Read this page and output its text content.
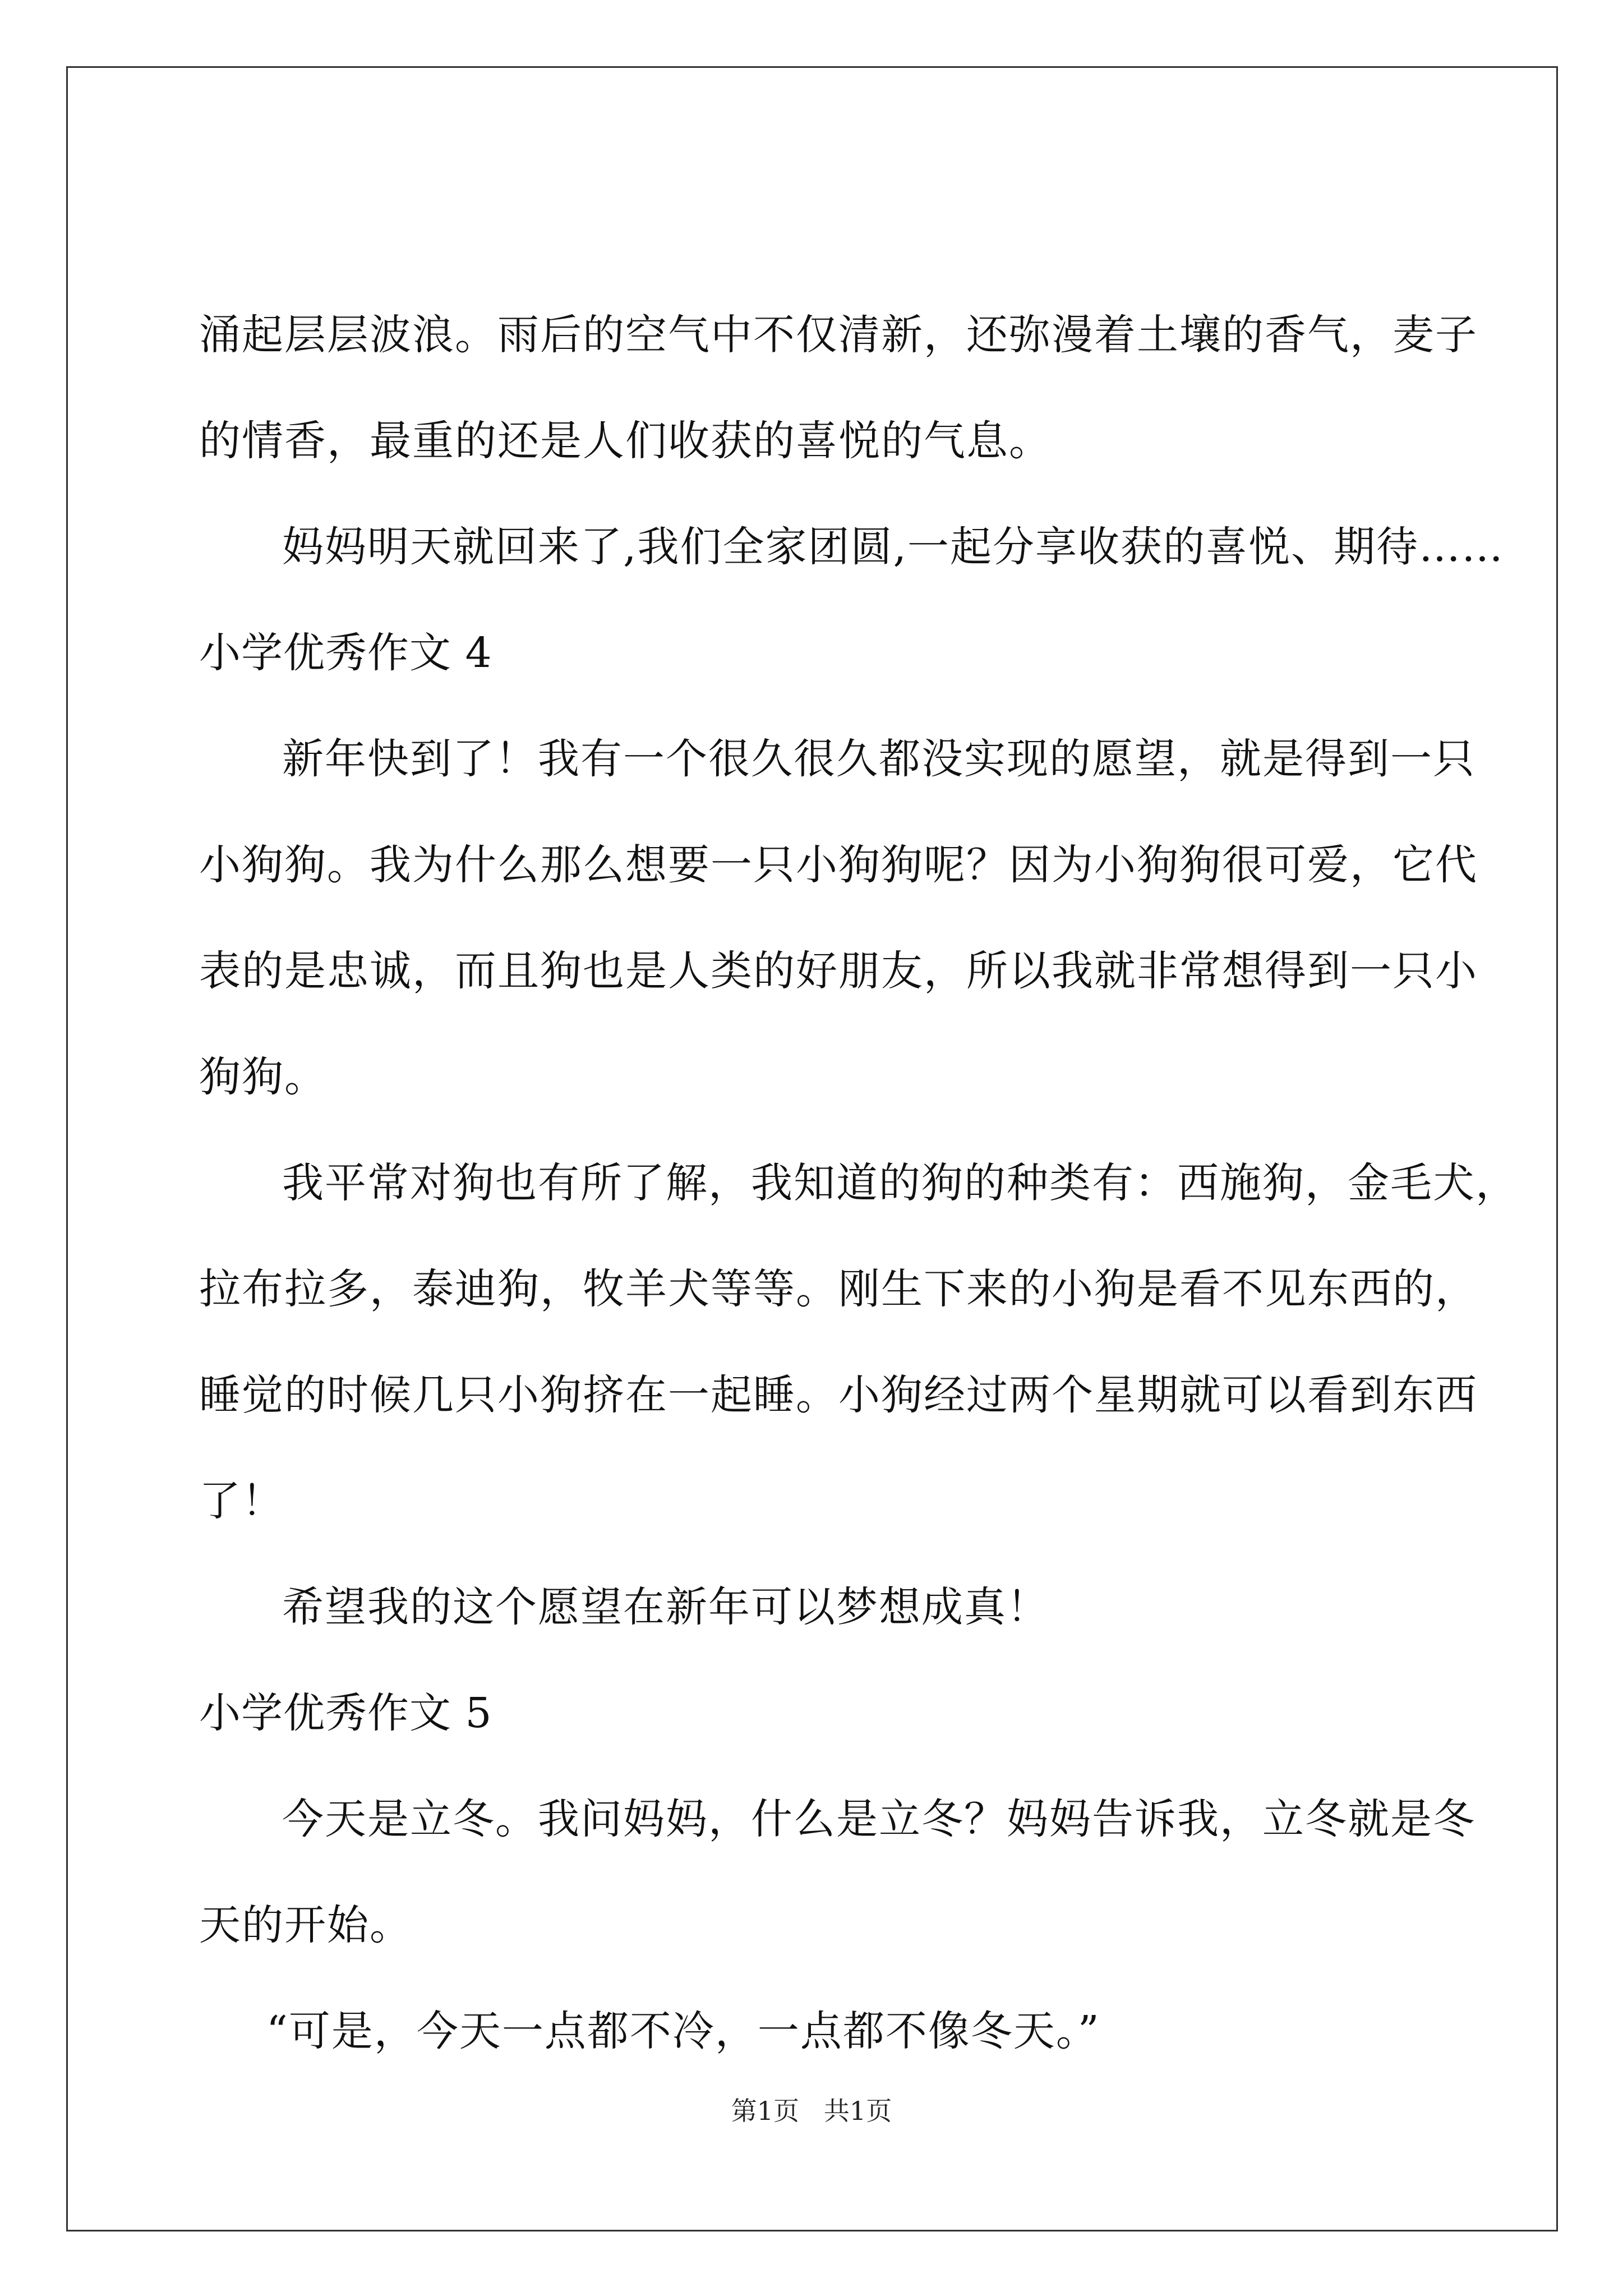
涌起层层波浪。雨后的空气中不仅清新，还弥漫着土壤的香气，麦子
的情香，最重的还是人们收获的喜悦的气息。
妈妈明天就回来了,我们全家团圆,一起分享收获的喜悦、期待……
小学优秀作文 4
新年快到了！我有一个很久很久都没实现的愿望，就是得到一只
小狗狗。我为什么那么想要一只小狗狗呢？因为小狗狗很可爱，它代
表的是忠诚，而且狗也是人类的好朋友，所以我就非常想得到一只小
狗狗。
我平常对狗也有所了解，我知道的狗的种类有：西施狗，金毛犬，
拉布拉多，泰迪狗，牧羊犬等等。刚生下来的小狗是看不见东西的，
睡觉的时候几只小狗挤在一起睡。小狗经过两个星期就可以看到东西
了！
希望我的这个愿望在新年可以梦想成真！
小学优秀作文 5
今天是立冬。我问妈妈，什么是立冬？妈妈告诉我，立冬就是冬
天的开始。
“可是，今天一点都不冷，一点都不像冬天。”
第1页   共1页
